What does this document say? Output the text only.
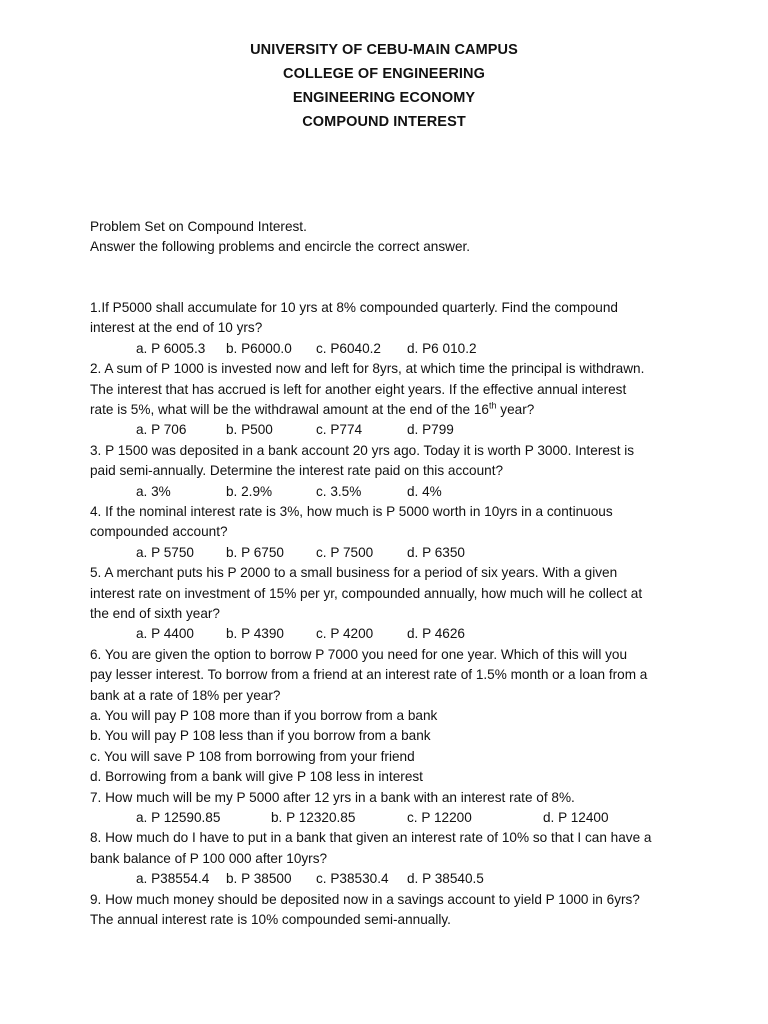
UNIVERSITY OF CEBU-MAIN CAMPUS
COLLEGE OF ENGINEERING
ENGINEERING ECONOMY
COMPOUND INTEREST
Problem Set on Compound Interest.
Answer the following problems and encircle the correct answer.
1.If P5000 shall accumulate for 10 yrs at 8% compounded quarterly. Find the compound
interest at the end of 10 yrs?
a. P 6005.3 b. P6000.0 c. P6040.2 d. P6 010.2
2. A sum of P 1000 is invested now and left for 8yrs, at which time the principal is withdrawn.
The interest that has accrued is left for another eight years. If the effective annual interest
rate is 5%, what will be the withdrawal amount at the end of the 16th year?
a. P 706	b. P500	c. P774	d. P799
3. P 1500 was deposited in a bank account 20 yrs ago. Today it is worth P 3000. Interest is
paid semi-annually. Determine the interest rate paid on this account?
a. 3%	b. 2.9%	c. 3.5%	d. 4%
4. If the nominal interest rate is 3%, how much is P 5000 worth in 10yrs in a continuous
compounded account?
a. P 5750 b. P 6750 c. P 7500 d. P 6350
5. A merchant puts his P 2000 to a small business for a period of six years. With a given
interest rate on investment of 15% per yr, compounded annually, how much will he collect at
the end of sixth year?
a. P 4400 b. P 4390 c. P 4200 d. P 4626
6. You are given the option to borrow P 7000 you need for one year. Which of this will you
pay lesser interest. To borrow from a friend at an interest rate of 1.5% month or a loan from a
bank at a rate of 18% per year?
a. You will pay P 108 more than if you borrow from a bank
b. You will pay P 108 less than if you borrow from a bank
c. You will save P 108 from borrowing from your friend
d. Borrowing from a bank will give P 108 less in interest
7. How much will be my P 5000 after 12 yrs in a bank with an interest rate of 8%.
a. P 12590.85	b. P 12320.85	c. P 12200	d. P 12400
8. How much do I have to put in a bank that given an interest rate of 10% so that I can have a
bank balance of P 100 000 after 10yrs?
a. P38554.4 b. P 38500 c. P38530.4 d. P 38540.5
9. How much money should be deposited now in a savings account to yield P 1000 in 6yrs?
The annual interest rate is 10% compounded semi-annually.
